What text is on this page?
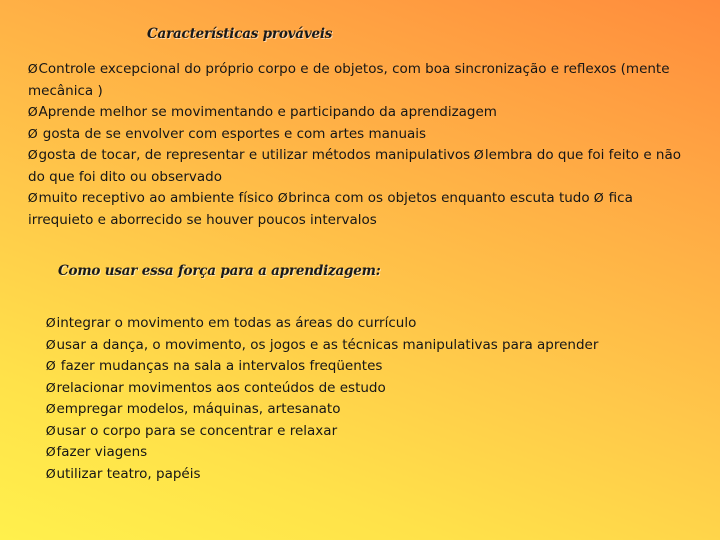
Características prováveis
ØControle excepcional do próprio corpo e de objetos, com boa sincronização e reflexos (mente mecânica )
ØAprende melhor se movimentando e participando da aprendizagem
Ø gosta de se envolver com esportes e com artes manuais
Øgosta de tocar, de representar e utilizar métodos manipulativos Ølembra do que foi feito e não do que foi dito ou observado
Ømuito receptivo ao ambiente físico Øbrinca com os objetos enquanto escuta tudo Ø fica irrequieto e aborrecido se houver poucos intervalos
Como usar essa força para a aprendizagem:
Øintegrar o movimento em todas as áreas do currículo
Øusar a dança, o movimento, os jogos e as técnicas manipulativas para aprender
Ø fazer mudanças na sala a intervalos freqüentes
Ørelacionar movimentos aos conteúdos de estudo
Øempregar modelos, máquinas, artesanato
Øusar o corpo para se concentrar e relaxar
Øfazer viagens
Øutilizar teatro, papéis
